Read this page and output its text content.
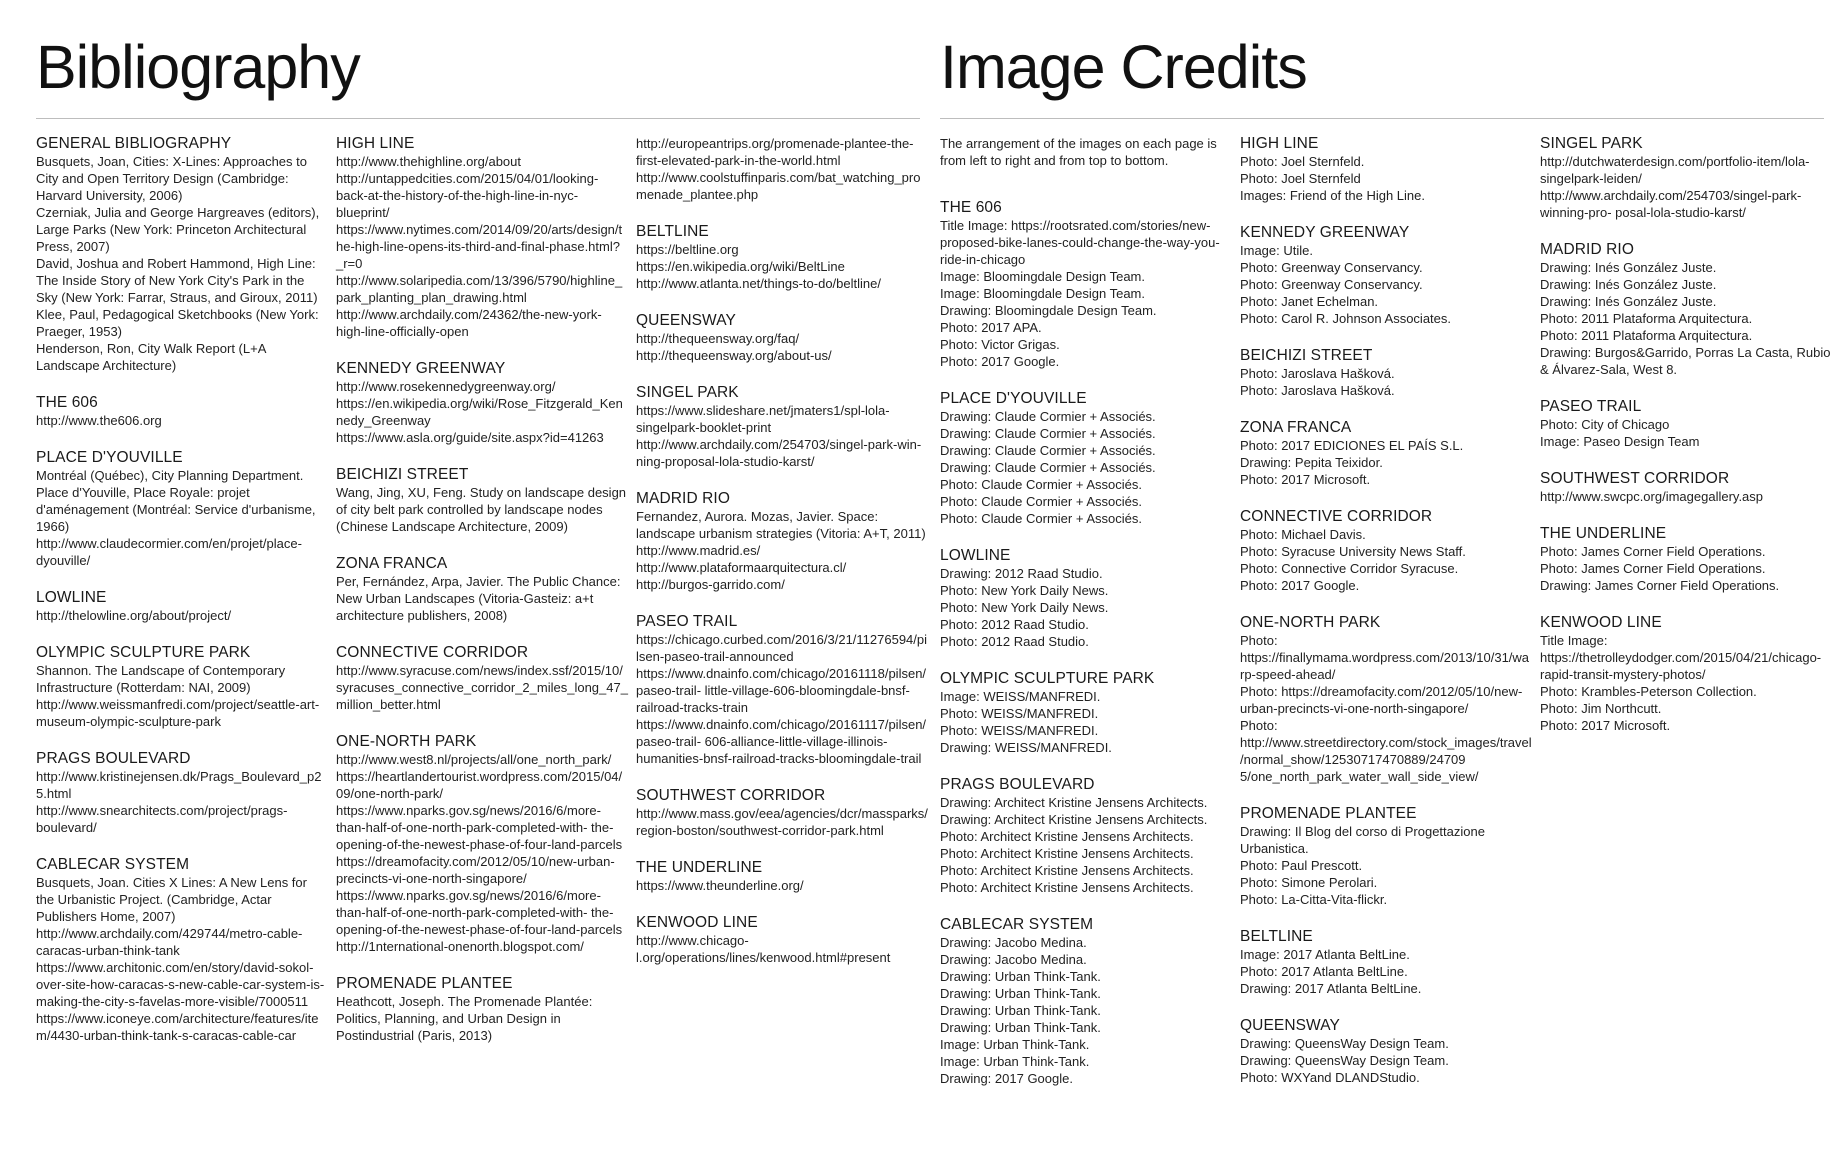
Bibliography	Image Credits
GENERAL BIBLIOGRAPHY
Busquets, Joan, Cities: X-Lines: Approaches to City and Open Territory Design (Cambridge: Harvard University, 2006)
Czerniak, Julia and George Hargreaves (editors), Large Parks (New York: Princeton Architectural Press, 2007)
David, Joshua and Robert Hammond, High Line: The Inside Story of New York City's Park in the Sky (New York: Farrar, Straus, and Giroux, 2011)
Klee, Paul, Pedagogical Sketchbooks (New York: Praeger, 1953)
Henderson, Ron, City Walk Report (L+A Landscape Architecture)
THE 606
http://www.the606.org
PLACE D'YOUVILLE
Montréal (Québec), City Planning Department. Place d'Youville, Place Royale: projet d'aménagement (Montréal: Service d'urbanisme, 1966)
http://www.claudecormier.com/en/projet/place-dyouville/
LOWLINE
http://thelowline.org/about/project/
OLYMPIC SCULPTURE PARK
Shannon. The Landscape of Contemporary Infrastructure (Rotterdam: NAI, 2009)
http://www.weissmanfredi.com/project/seattle-art-museum-olympic-sculpture-park
PRAGS BOULEVARD
http://www.kristinejensen.dk/Prags_Boulevard_p25.html
http://www.snearchitects.com/project/prags-boulevard/
CABLECAR SYSTEM
Busquets, Joan. Cities X Lines: A New Lens for the Urbanistic Project. (Cambridge, Actar Publishers Home, 2007)
http://www.archdaily.com/429744/metro-cable-caracas-urban-think-tank
https://www.architonic.com/en/story/david-sokol-over-site-how-caracas-s-new-cable-car-system-is- making-the-city-s-favelas-more-visible/7000511
https://www.iconeye.com/architecture/features/item/4430-urban-think-tank-s-caracas-cable-car
HIGH LINE
http://www.thehighline.org/about
http://untappedcities.com/2015/04/01/looking-back-at-the-history-of-the-high-line-in-nyc- blueprint/
https://www.nytimes.com/2014/09/20/arts/design/the-high-line-opens-its-third-and-final-phase.html?_r=0
http://www.solaripedia.com/13/396/5790/highline_park_planting_plan_drawing.html
http://www.archdaily.com/24362/the-new-york-high-line-officially-open
KENNEDY GREENWAY
http://www.rosekennedygreenway.org/
https://en.wikipedia.org/wiki/Rose_Fitzgerald_Kennedy_Greenway
https://www.asla.org/guide/site.aspx?id=41263
BEICHIZI STREET
Wang, Jing, XU, Feng. Study on landscape design of city belt park controlled by landscape nodes (Chinese Landscape Architecture, 2009)
ZONA FRANCA
Per, Fernández, Arpa, Javier. The Public Chance: New Urban Landscapes (Vitoria-Gasteiz: a+t architecture publishers, 2008)
CONNECTIVE CORRIDOR
http://www.syracuse.com/news/index.ssf/2015/10/syracuses_connective_corridor_2_miles_long_47_million_better.html
ONE-NORTH PARK
http://www.west8.nl/projects/all/one_north_park/ https://heartlandertourist.wordpress.com/2015/04/09/one-north-park/
https://www.nparks.gov.sg/news/2016/6/more-than-half-of-one-north-park-completed-with- the-opening-of-the-newest-phase-of-four-land-parcels
https://dreamofacity.com/2012/05/10/new-urban-precincts-vi-one-north-singapore/
https://www.nparks.gov.sg/news/2016/6/more-than-half-of-one-north-park-completed-with- the-opening-of-the-newest-phase-of-four-land-parcels
http://1nternational-onenorth.blogspot.com/
PROMENADE PLANTEE
Heathcott, Joseph. The Promenade Plantée: Politics, Planning, and Urban Design in Postindustrial (Paris, 2013)
http://europeantrips.org/promenade-plantee-the-first-elevated-park-in-the-world.html
http://www.coolstuffinparis.com/bat_watching_promenade_plantee.php
BELTLINE
https://beltline.org
https://en.wikipedia.org/wiki/BeltLine
http://www.atlanta.net/things-to-do/beltline/
QUEENSWAY
http://thequeensway.org/faq/
http://thequeensway.org/about-us/
SINGEL PARK
https://www.slideshare.net/jmaters1/spl-lola-singelpark-booklet-print
http://www.archdaily.com/254703/singel-park-win- ning-proposal-lola-studio-karst/
MADRID RIO
Fernandez, Aurora. Mozas, Javier. Space: landscape urbanism strategies (Vitoria: A+T, 2011)
http://www.madrid.es/
http://www.plataformaarquitectura.cl/
http://burgos-garrido.com/
PASEO TRAIL
https://chicago.curbed.com/2016/3/21/11276594/pilsen-paseo-trail-announced
https://www.dnainfo.com/chicago/20161118/pilsen/paseo-trail- little-village-606-bloomingdale-bnsf-railroad-tracks-train
https://www.dnainfo.com/chicago/20161117/pilsen/paseo-trail- 606-alliance-little-village-illinois-humanities-bnsf-railroad-tracks-bloomingdale-trail
SOUTHWEST CORRIDOR
http://www.mass.gov/eea/agencies/dcr/massparks/region-boston/southwest-corridor-park.html
THE UNDERLINE
https://www.theunderline.org/
KENWOOD LINE
http://www.chicago-l.org/operations/lines/kenwood.html#present
The arrangement of the images on each page is from left to right and from top to bottom.
THE 606
Title Image: https://rootsrated.com/stories/new-proposed-bike-lanes-could-change-the-way-you-ride-in-chicago
Image: Bloomingdale Design Team.
Image: Bloomingdale Design Team.
Drawing: Bloomingdale Design Team.
Photo: 2017 APA.
Photo: Victor Grigas.
Photo: 2017 Google.
PLACE D'YOUVILLE
Drawing: Claude Cormier + Associés.
Drawing: Claude Cormier + Associés.
Drawing: Claude Cormier + Associés.
Drawing: Claude Cormier + Associés.
Photo: Claude Cormier + Associés.
Photo: Claude Cormier + Associés.
Photo: Claude Cormier + Associés.
LOWLINE
Drawing: 2012 Raad Studio.
Photo: New York Daily News.
Photo: New York Daily News.
Photo: 2012 Raad Studio.
Photo: 2012 Raad Studio.
OLYMPIC SCULPTURE PARK
Image: WEISS/MANFREDI.
Photo: WEISS/MANFREDI.
Photo: WEISS/MANFREDI.
Drawing: WEISS/MANFREDI.
PRAGS BOULEVARD
Drawing: Architect Kristine Jensens Architects.
Drawing: Architect Kristine Jensens Architects.
Photo: Architect Kristine Jensens Architects.
Photo: Architect Kristine Jensens Architects.
Photo: Architect Kristine Jensens Architects.
Photo: Architect Kristine Jensens Architects.
CABLECAR SYSTEM
Drawing: Jacobo Medina.
Drawing: Jacobo Medina.
Drawing: Urban Think-Tank.
Drawing: Urban Think-Tank.
Drawing: Urban Think-Tank.
Drawing: Urban Think-Tank.
Image: Urban Think-Tank.
Image: Urban Think-Tank.
Drawing: 2017 Google.
HIGH LINE
Photo: Joel Sternfeld.
Photo: Joel Sternfeld
Images: Friend of the High Line.
KENNEDY GREENWAY
Image: Utile.
Photo: Greenway Conservancy.
Photo: Greenway Conservancy.
Photo: Janet Echelman.
Photo: Carol R. Johnson Associates.
BEICHIZI STREET
Photo: Jaroslava Hašková.
Photo: Jaroslava Hašková.
ZONA FRANCA
Photo: 2017 EDICIONES EL PAÍS S.L.
Drawing: Pepita Teixidor.
Photo: 2017 Microsoft.
CONNECTIVE CORRIDOR
Photo: Michael Davis.
Photo: Syracuse University News Staff.
Photo: Connective Corridor Syracuse.
Photo: 2017 Google.
ONE-NORTH PARK
Photo: https://finallymama.wordpress.com/2013/10/31/warp-speed-ahead/
Photo: https://dreamofacity.com/2012/05/10/new-urban-precincts-vi-one-north-singapore/
Photo: http://www.streetdirectory.com/stock_images/travel/normal_show/12530717470889/24709 5/one_north_park_water_wall_side_view/
PROMENADE PLANTEE
Drawing: Il Blog del corso di Progettazione Urbanistica.
Photo: Paul Prescott.
Photo: Simone Perolari.
Photo: La-Citta-Vita-flickr.
BELTLINE
Image: 2017 Atlanta BeltLine.
Photo: 2017 Atlanta BeltLine.
Drawing: 2017 Atlanta BeltLine.
QUEENSWAY
Drawing: QueensWay Design Team.
Drawing: QueensWay Design Team.
Photo: WXYand DLANDStudio.
SINGEL PARK
http://dutchwaterdesign.com/portfolio-item/lola-singelpark-leiden/
http://www.archdaily.com/254703/singel-park-winning-pro- posal-lola-studio-karst/
MADRID RIO
Drawing: Inés González Juste.
Drawing: Inés González Juste.
Drawing: Inés González Juste.
Photo: 2011 Plataforma Arquitectura.
Photo: 2011 Plataforma Arquitectura.
Drawing: Burgos&Garrido, Porras La Casta, Rubio & Álvarez-Sala, West 8.
PASEO TRAIL
Photo: City of Chicago
Image: Paseo Design Team
SOUTHWEST CORRIDOR
http://www.swcpc.org/imagegallery.asp
THE UNDERLINE
Photo: James Corner Field Operations.
Photo: James Corner Field Operations.
Drawing: James Corner Field Operations.
KENWOOD LINE
Title Image: https://thetrolleydodger.com/2015/04/21/chicago-rapid-transit-mystery-photos/
Photo: Krambles-Peterson Collection.
Photo: Jim Northcutt.
Photo: 2017 Microsoft.
